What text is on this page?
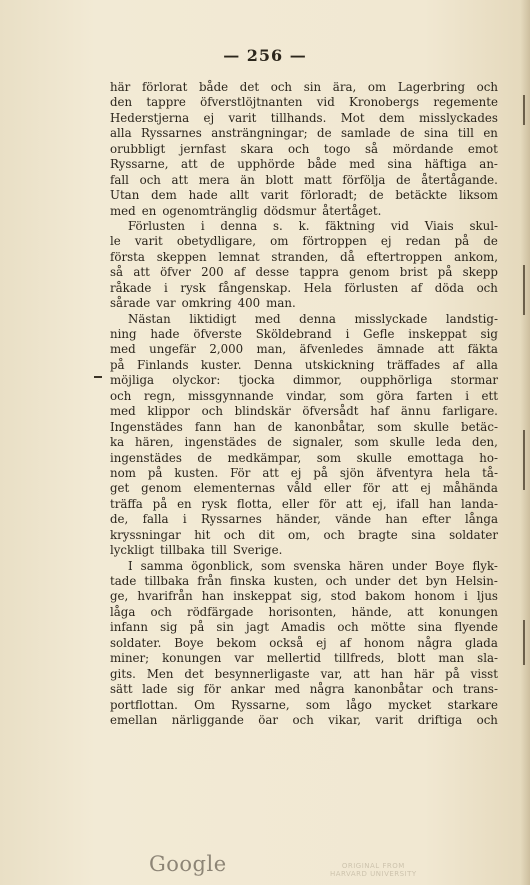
— 256 —

här förlorat både det och sin ära, om Lagerbring och
den tappre öfverstlöjtnanten vid Kronobergs regemente
Hederstjerna ej varit tillhands. Mot dem misslyckades
alla Ryssarnes ansträngningar; de samlade de sina till en
orubbligt jernfast skara och togo så mördande emot
Ryssarne, att de upphörde både med sina häftiga an-
fall och att mera än blott matt förfölja de återtågande.
Utan dem hade allt varit förloradt; de betäckte liksom
med en ogenomtränglig dödsmur återtåget.
Förlusten i denna s. k. fäktning vid Viais skul-
le varit obetydligare, om förtroppen ej redan på de
första skeppen lemnat stranden, då eftertroppen ankom,
så att öfver 200 af desse tappra genom brist på skepp
råkade i rysk fångenskap. Hela förlusten af döda och
sårade var omkring 400 man.
Nästan liktidigt med denna misslyckade landstig-
ning hade öfverste Sköldebrand i Gefle inskeppat sig
med ungefär 2,000 man, äfvenledes ämnade att fäkta
på Finlands kuster. Denna utskickning träffades af alla
möjliga olyckor: tjocka dimmor, oupphörliga stormar
och regn, missgynnande vindar, som göra farten i ett
med klippor och blindskär öfversådt haf ännu farligare.
Ingenstädes fann han de kanonbåtar, som skulle betäc-
ka hären, ingenstädes de signaler, som skulle leda den,
ingenstädes de medkämpar, som skulle emottaga ho-
nom på kusten. För att ej på sjön äfventyra hela tå-
get genom elementernas våld eller för att ej måhända
träffa på en rysk flotta, eller för att ej, ifall han landa-
de, falla i Ryssarnes händer, vände han efter långa
kryssningar hit och dit om, och bragte sina soldater
lyckligt tillbaka till Sverige.
I samma ögonblick, som svenska hären under Boye flyk-
tade tillbaka från finska kusten, och under det byn Helsin-
ge, hvarifrån han inskeppat sig, stod bakom honom i ljus
låga och rödfärgade horisonten, hände, att konungen
infann sig på sin jagt Amadis och mötte sina flyende
soldater. Boye bekom också ej af honom några glada
miner; konungen var mellertid tillfreds, blott man sla-
gits. Men det besynnerligaste var, att han här på visst
sätt lade sig för ankar med några kanonbåtar och trans-
portflottan. Om Ryssarne, som lågo mycket starkare
emellan närliggande öar och vikar, varit driftiga och
Google	ORIGINAL FROM
HARVARD UNIVERSITY
